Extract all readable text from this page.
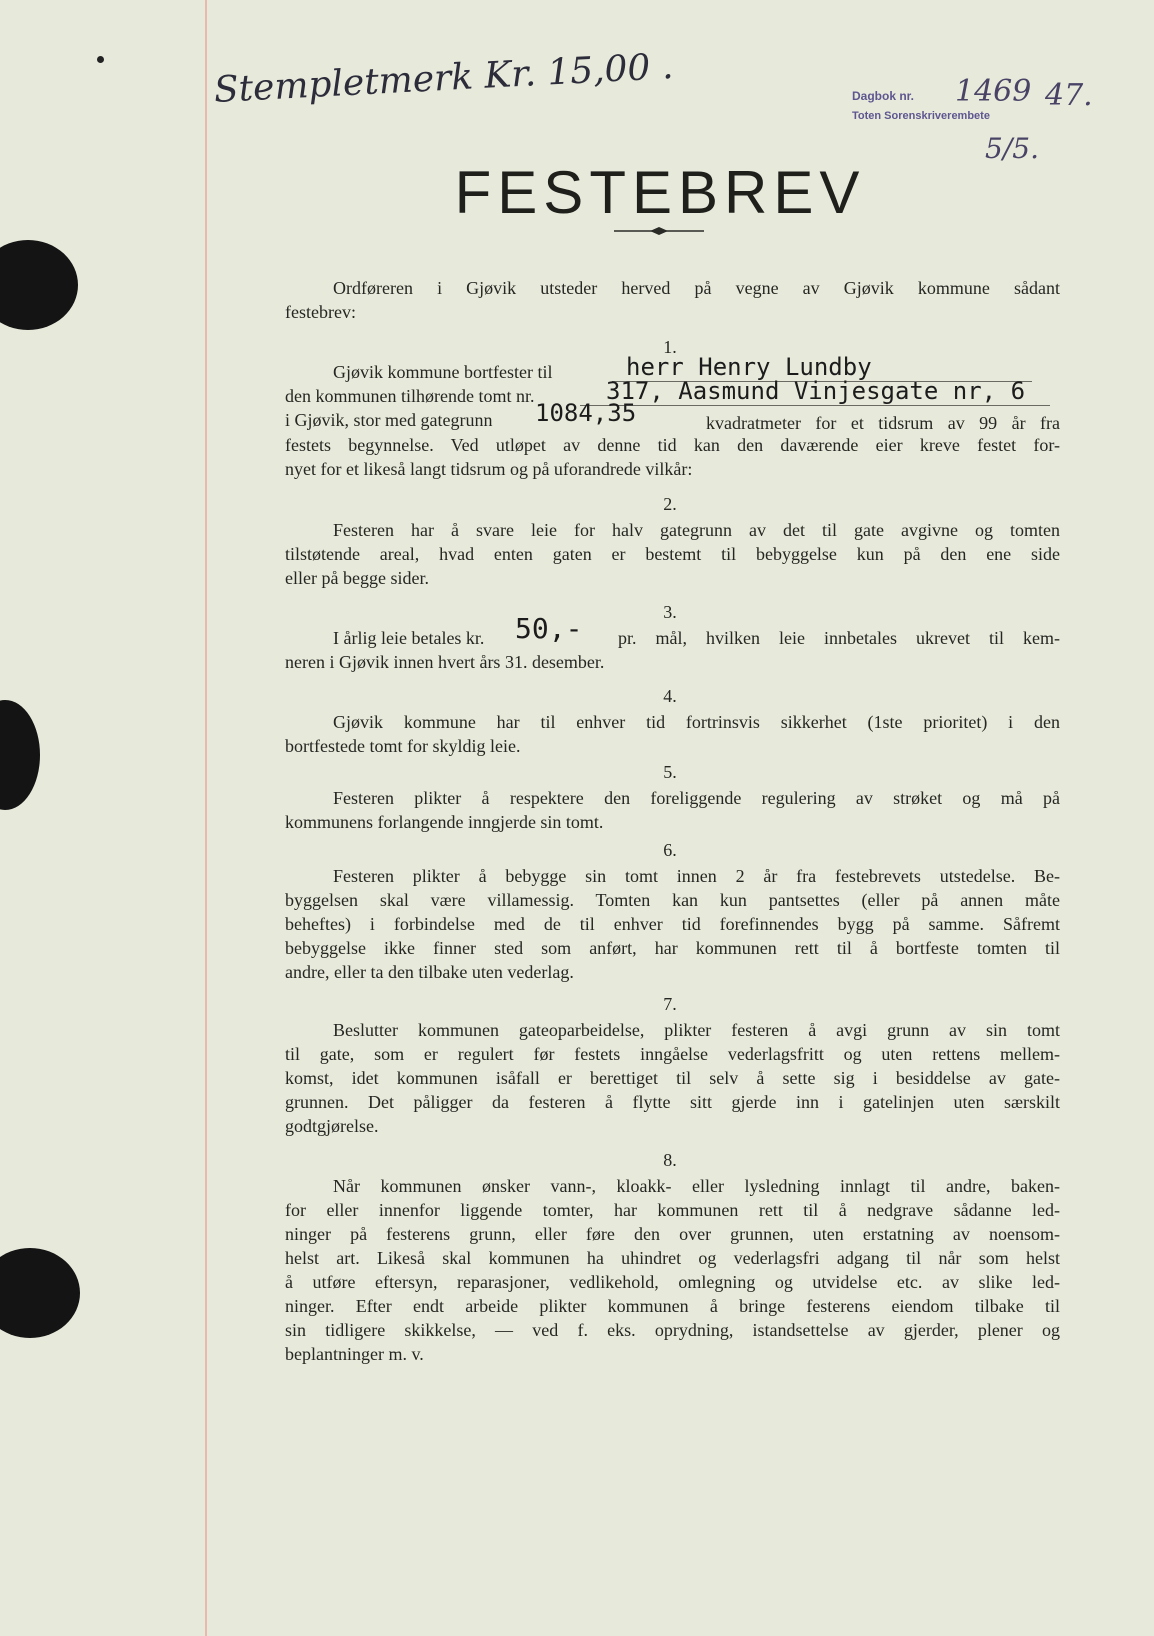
Stempletmerk Kr. 15,00 .	Dagbok nr. 1469 47.
Toten Sorenskriverembete
5/5.
FESTEBREV
Ordføreren i Gjøvik utsteder herved på vegne av Gjøvik kommune sådant
festebrev:
1.
Gjøvik kommune bortfester til	herr Henry Lundby
den kommunen tilhørende tomt nr.	317, Aasmund Vinjesgate nr, 6
i Gjøvik, stor med gategrunn 1084,35	kvadratmeter for et tidsrum av 99 år fra
festets begynnelse. Ved utløpet av denne tid kan den daværende eier kreve festet for-
nyet for et likeså langt tidsrum og på uforandrede vilkår:
2.
Festeren har å svare leie for halv gategrunn av det til gate avgivne og tomten
tilstøtende areal, hvad enten gaten er bestemt til bebyggelse kun på den ene side
eller på begge sider.
3.
I årlig leie betales kr. 50,- pr. mål, hvilken leie innbetales ukrevet til kem-
neren i Gjøvik innen hvert års 31. desember.
4.
Gjøvik kommune har til enhver tid fortrinsvis sikkerhet (1ste prioritet) i den
bortfestede tomt for skyldig leie.
5.
Festeren plikter å respektere den foreliggende regulering av strøket og må på
kommunens forlangende inngjerde sin tomt.
6.
Festeren plikter å bebygge sin tomt innen 2 år fra festebrevets utstedelse. Be-
byggelsen skal være villamessig. Tomten kan kun pantsettes (eller på annen måte
beheftes) i forbindelse med de til enhver tid forefinnendes bygg på samme. Såfremt
bebyggelse ikke finner sted som anført, har kommunen rett til å bortfeste tomten til
andre, eller ta den tilbake uten vederlag.
7.
Beslutter kommunen gateoparbeidelse, plikter festeren å avgi grunn av sin tomt
til gate, som er regulert før festets inngåelse vederlagsfritt og uten rettens mellem-
komst, idet kommunen isåfall er berettiget til selv å sette sig i besiddelse av gate-
grunnen. Det påligger da festeren å flytte sitt gjerde inn i gatelinjen uten særskilt
godtgjørelse.
8.
Når kommunen ønsker vann-, kloakk- eller lysledning innlagt til andre, baken-
for eller innenfor liggende tomter, har kommunen rett til å nedgrave sådanne led-
ninger på festerens grunn, eller føre den over grunnen, uten erstatning av noensom-
helst art. Likeså skal kommunen ha uhindret og vederlagsfri adgang til når som helst
å utføre eftersyn, reparasjoner, vedlikehold, omlegning og utvidelse etc. av slike led-
ninger. Efter endt arbeide plikter kommunen å bringe festerens eiendom tilbake til
sin tidligere skikkelse, — ved f. eks. oprydning, istandsettelse av gjerder, plener og
beplantninger m. v.
